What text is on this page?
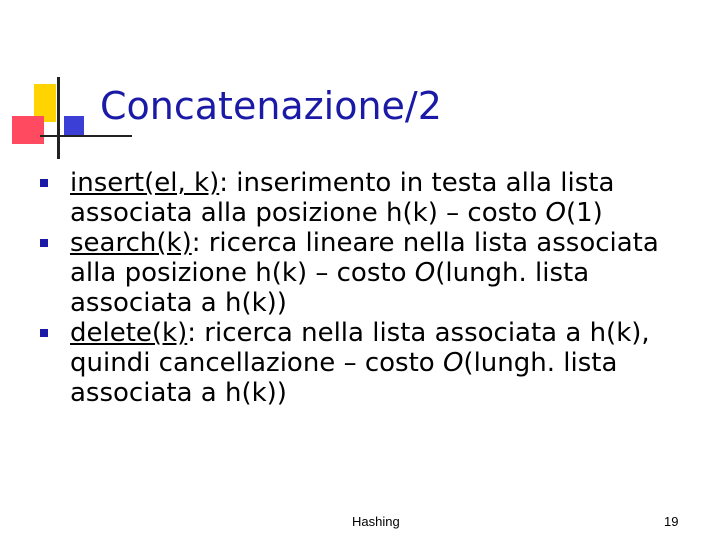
Concatenazione/2
insert(el, k): inserimento in testa alla lista associata alla posizione h(k) – costo O(1)
search(k): ricerca lineare nella lista associata alla posizione h(k) – costo O(lungh. lista associata a h(k))
delete(k): ricerca nella lista associata a h(k), quindi cancellazione – costo O(lungh. lista associata a h(k))
Hashing	19
